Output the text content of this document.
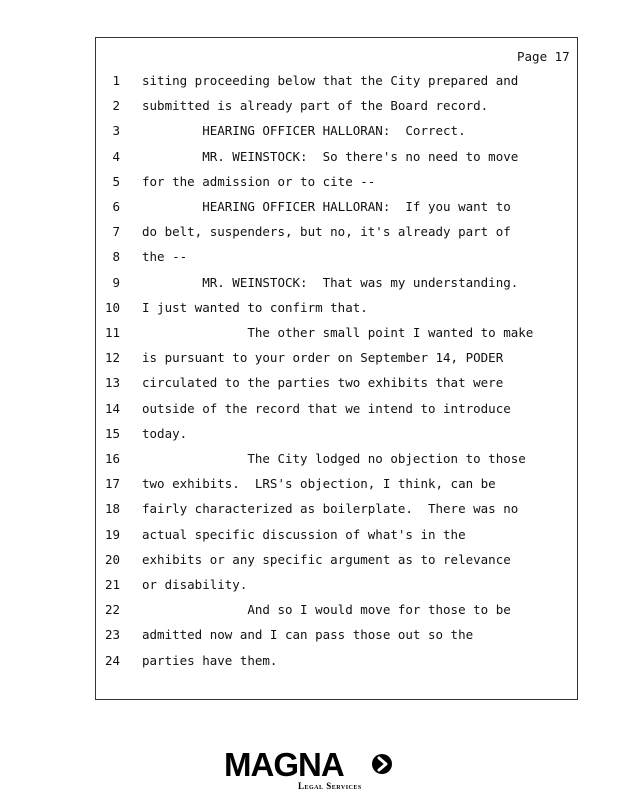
Page 17
1 siting proceeding below that the City prepared and
2 submitted is already part of the Board record.
3 HEARING OFFICER HALLORAN:  Correct.
4 MR. WEINSTOCK:  So there's no need to move
5 for the admission or to cite --
6 HEARING OFFICER HALLORAN:  If you want to
7 do belt, suspenders, but no, it's already part of
8 the --
9 MR. WEINSTOCK:  That was my understanding.
10 I just wanted to confirm that.
11 The other small point I wanted to make
12 is pursuant to your order on September 14, PODER
13 circulated to the parties two exhibits that were
14 outside of the record that we intend to introduce
15 today.
16 The City lodged no objection to those
17 two exhibits.  LRS's objection, I think, can be
18 fairly characterized as boilerplate.  There was no
19 actual specific discussion of what's in the
20 exhibits or any specific argument as to relevance
21 or disability.
22 And so I would move for those to be
23 admitted now and I can pass those out so the
24 parties have them.
MAGNA
Legal Services
